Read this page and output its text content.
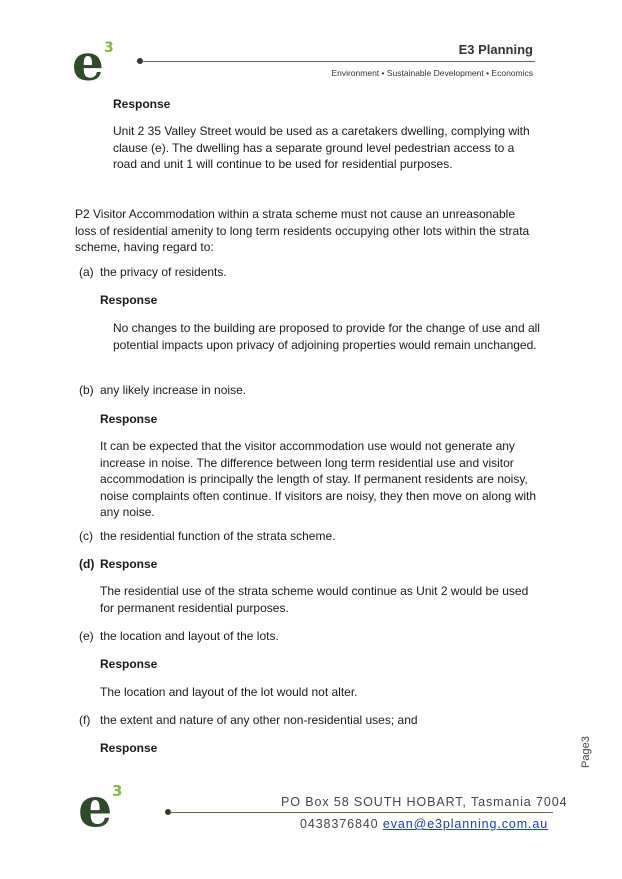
e 3	E3 Planning
Environment • Sustainable Development • Economics
Response

Unit 2 35 Valley Street would be used as a caretakers dwelling, complying with clause (e). The dwelling has a separate ground level pedestrian access to a road and unit 1 will continue to be used for residential purposes.

P2 Visitor Accommodation within a strata scheme must not cause an unreasonable loss of residential amenity to long term residents occupying other lots within the strata scheme, having regard to:

(a) the privacy of residents.
Response

No changes to the building are proposed to provide for the change of use and all potential impacts upon privacy of adjoining properties would remain unchanged.

(b) any likely increase in noise.
Response

It can be expected that the visitor accommodation use would not generate any increase in noise. The difference between long term residential use and visitor accommodation is principally the length of stay. If permanent residents are noisy, noise complaints often continue. If visitors are noisy, they then move on along with any noise.

(c) the residential function of the strata scheme.
(d) Response

The residential use of the strata scheme would continue as Unit 2 would be used for permanent residential purposes.

(e) the location and layout of the lots.
Response
The location and layout of the lot would not alter.
(f) the extent and nature of any other non-residential uses; and
Response	Page3
e 3
PO Box 58 SOUTH HOBART, Tasmania 7004
0438376840 evan@e3planning.com.au
